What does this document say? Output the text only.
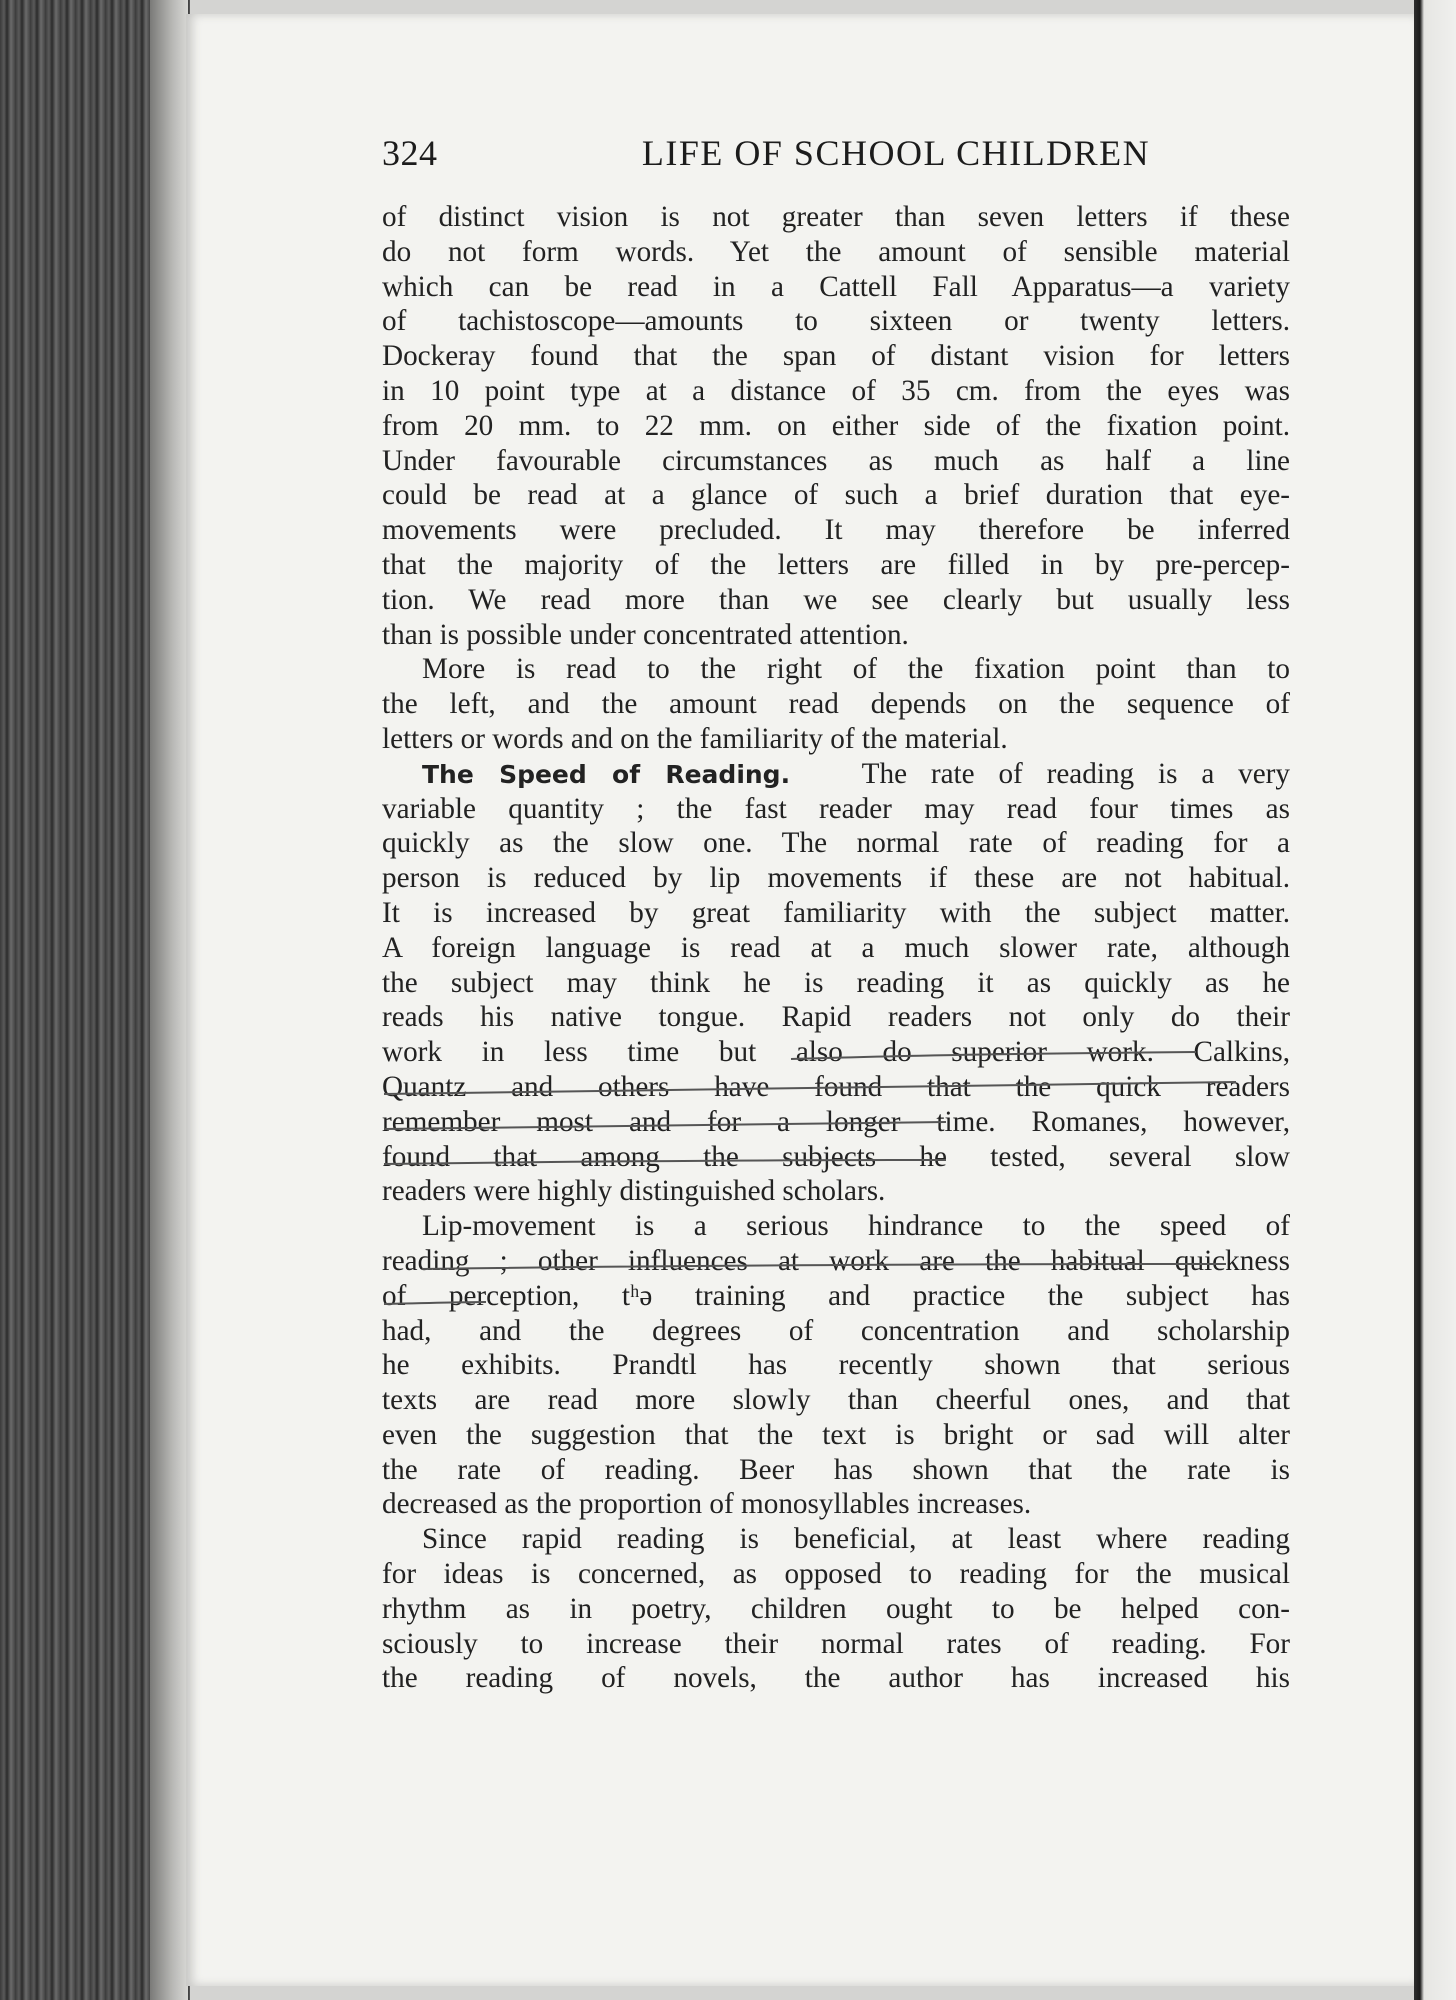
324	LIFE OF SCHOOL CHILDREN
of distinct vision is not greater than seven letters if these
do not form words. Yet the amount of sensible material
which can be read in a Cattell Fall Apparatus—a variety
of tachistoscope—amounts to sixteen or twenty letters.
Dockeray found that the span of distant vision for letters
in 10 point type at a distance of 35 cm. from the eyes was
from 20 mm. to 22 mm. on either side of the fixation point.
Under favourable circumstances as much as half a line
could be read at a glance of such a brief duration that eye-
movements were precluded. It may therefore be inferred
that the majority of the letters are filled in by pre-percep-
tion. We read more than we see clearly but usually less
than is possible under concentrated attention.
More is read to the right of the fixation point than to
the left, and the amount read depends on the sequence of
letters or words and on the familiarity of the material.
The Speed of Reading. The rate of reading is a very
variable quantity ; the fast reader may read four times as
quickly as the slow one. The normal rate of reading for a
person is reduced by lip movements if these are not habitual.
It is increased by great familiarity with the subject matter.
A foreign language is read at a much slower rate, although
the subject may think he is reading it as quickly as he
reads his native tongue. Rapid readers not only do their
work in less time but also do superior work. Calkins,
Quantz and others have found that the quick readers
remember most and for a longer time. Romanes, however,
found that among the subjects he tested, several slow
readers were highly distinguished scholars.
Lip-movement is a serious hindrance to the speed of
reading ; other influences at work are the habitual quickness
of perception, tʰə training and practice the subject has
had, and the degrees of concentration and scholarship
he exhibits. Prandtl has recently shown that serious
texts are read more slowly than cheerful ones, and that
even the suggestion that the text is bright or sad will alter
the rate of reading. Beer has shown that the rate is
decreased as the proportion of monosyllables increases.
Since rapid reading is beneficial, at least where reading
for ideas is concerned, as opposed to reading for the musical
rhythm as in poetry, children ought to be helped con-
sciously to increase their normal rates of reading. For
the reading of novels, the author has increased his
